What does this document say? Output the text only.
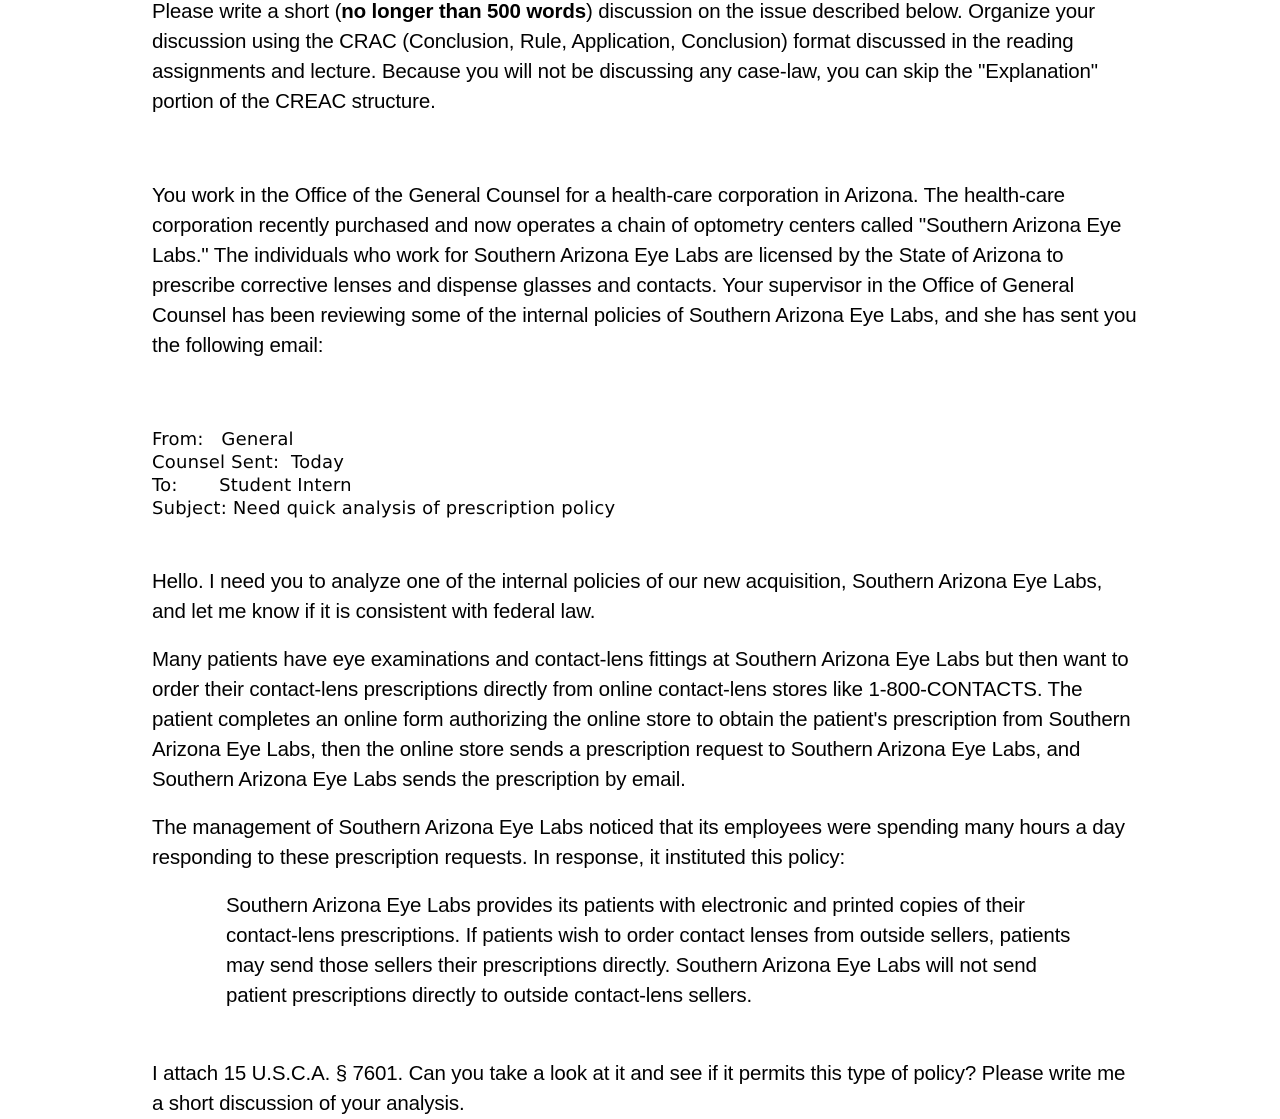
Please write a short (no longer than 500 words) discussion on the issue described below. Organize your discussion using the CRAC (Conclusion, Rule, Application, Conclusion) format discussed in the reading assignments and lecture. Because you will not be discussing any case-law, you can skip the "Explanation" portion of the CREAC structure.

You work in the Office of the General Counsel for a health-care corporation in Arizona. The health-care corporation recently purchased and now operates a chain of optometry centers called "Southern Arizona Eye Labs." The individuals who work for Southern Arizona Eye Labs are licensed by the State of Arizona to prescribe corrective lenses and dispense glasses and contacts. Your supervisor in the Office of General Counsel has been reviewing some of the internal policies of Southern Arizona Eye Labs, and she has sent you the following email:

From:   General
Counsel Sent:  Today
To:       Student Intern
Subject: Need quick analysis of prescription policy

Hello. I need you to analyze one of the internal policies of our new acquisition, Southern Arizona Eye Labs, and let me know if it is consistent with federal law.

Many patients have eye examinations and contact-lens fittings at Southern Arizona Eye Labs but then want to order their contact-lens prescriptions directly from online contact-lens stores like 1-800-CONTACTS. The patient completes an online form authorizing the online store to obtain the patient's prescription from Southern Arizona Eye Labs, then the online store sends a prescription request to Southern Arizona Eye Labs, and Southern Arizona Eye Labs sends the prescription by email.

The management of Southern Arizona Eye Labs noticed that its employees were spending many hours a day responding to these prescription requests. In response, it instituted this policy:

Southern Arizona Eye Labs provides its patients with electronic and printed copies of their contact-lens prescriptions. If patients wish to order contact lenses from outside sellers, patients may send those sellers their prescriptions directly. Southern Arizona Eye Labs will not send patient prescriptions directly to outside contact-lens sellers.

I attach 15 U.S.C.A. § 7601. Can you take a look at it and see if it permits this type of policy? Please write me a short discussion of your analysis.
